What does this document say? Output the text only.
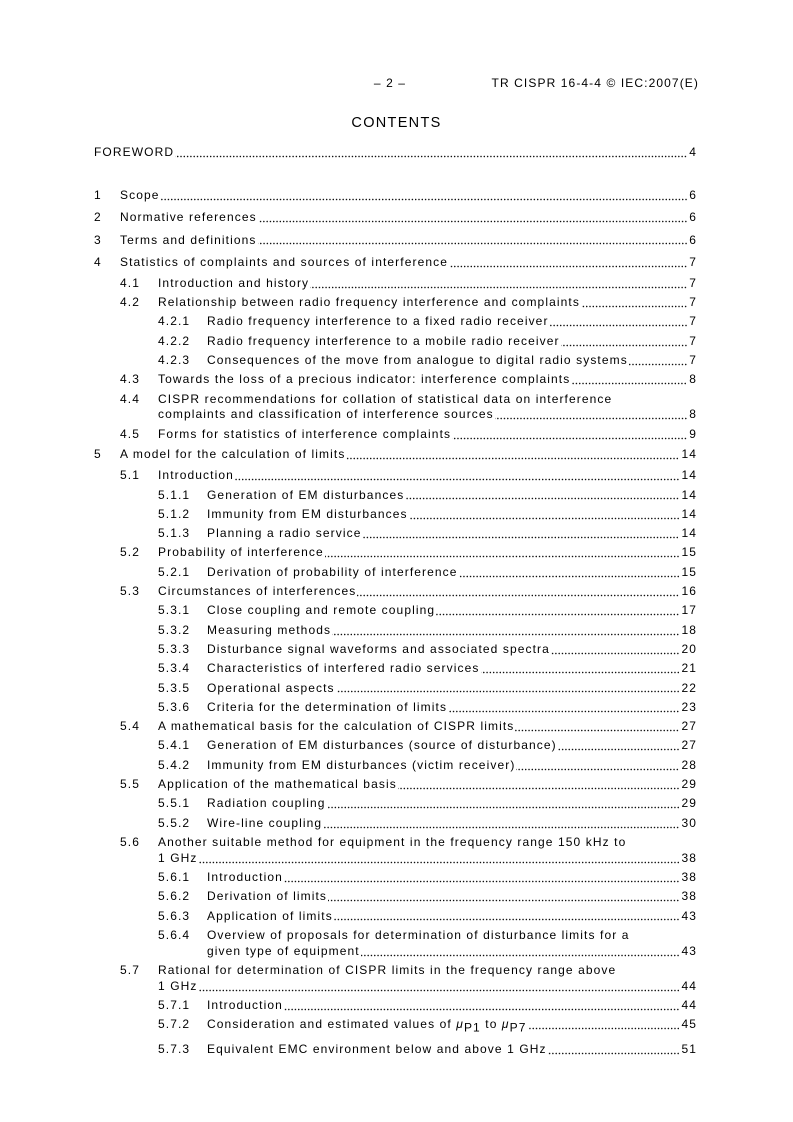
– 2 –	TR CISPR 16-4-4 © IEC:2007(E)
CONTENTS
FOREWORD	4
1	Scope	6
2	Normative references	6
3	Terms and definitions	6
4	Statistics of complaints and sources of interference	7
4.1	Introduction and history	7
4.2	Relationship between radio frequency interference and complaints	7
4.2.1	Radio frequency interference to a fixed radio receiver	7
4.2.2	Radio frequency interference to a mobile radio receiver	7
4.2.3	Consequences of the move from analogue to digital radio systems	7
4.3	Towards the loss of a precious indicator: interference complaints	8
4.4	CISPR recommendations for collation of statistical data on interference
complaints and classification of interference sources	8
4.5	Forms for statistics of interference complaints	9
5	A model for the calculation of limits	14
5.1	Introduction	14
5.1.1	Generation of EM disturbances	14
5.1.2	Immunity from EM disturbances	14
5.1.3	Planning a radio service	14
5.2	Probability of interference	15
5.2.1	Derivation of probability of interference	15
5.3	Circumstances of interferences	16
5.3.1	Close coupling and remote coupling	17
5.3.2	Measuring methods	18
5.3.3	Disturbance signal waveforms and associated spectra	20
5.3.4	Characteristics of interfered radio services	21
5.3.5	Operational aspects	22
5.3.6	Criteria for the determination of limits	23
5.4	A mathematical basis for the calculation of CISPR limits	27
5.4.1	Generation of EM disturbances (source of disturbance)	27
5.4.2	Immunity from EM disturbances (victim receiver)	28
5.5	Application of the mathematical basis	29
5.5.1	Radiation coupling	29
5.5.2	Wire-line coupling	30
5.6	Another suitable method for equipment in the frequency range 150 kHz to
1 GHz	38
5.6.1	Introduction	38
5.6.2	Derivation of limits	38
5.6.3	Application of limits	43
5.6.4	Overview of proposals for determination of disturbance limits for a
given type of equipment	43
5.7	Rational for determination of CISPR limits in the frequency range above
1 GHz	44
5.7.1	Introduction	44
5.7.2	Consideration and estimated values of $\mu_{P1}$ to $\mu_{P7}$	45
5.7.3	Equivalent EMC environment below and above 1 GHz	51
